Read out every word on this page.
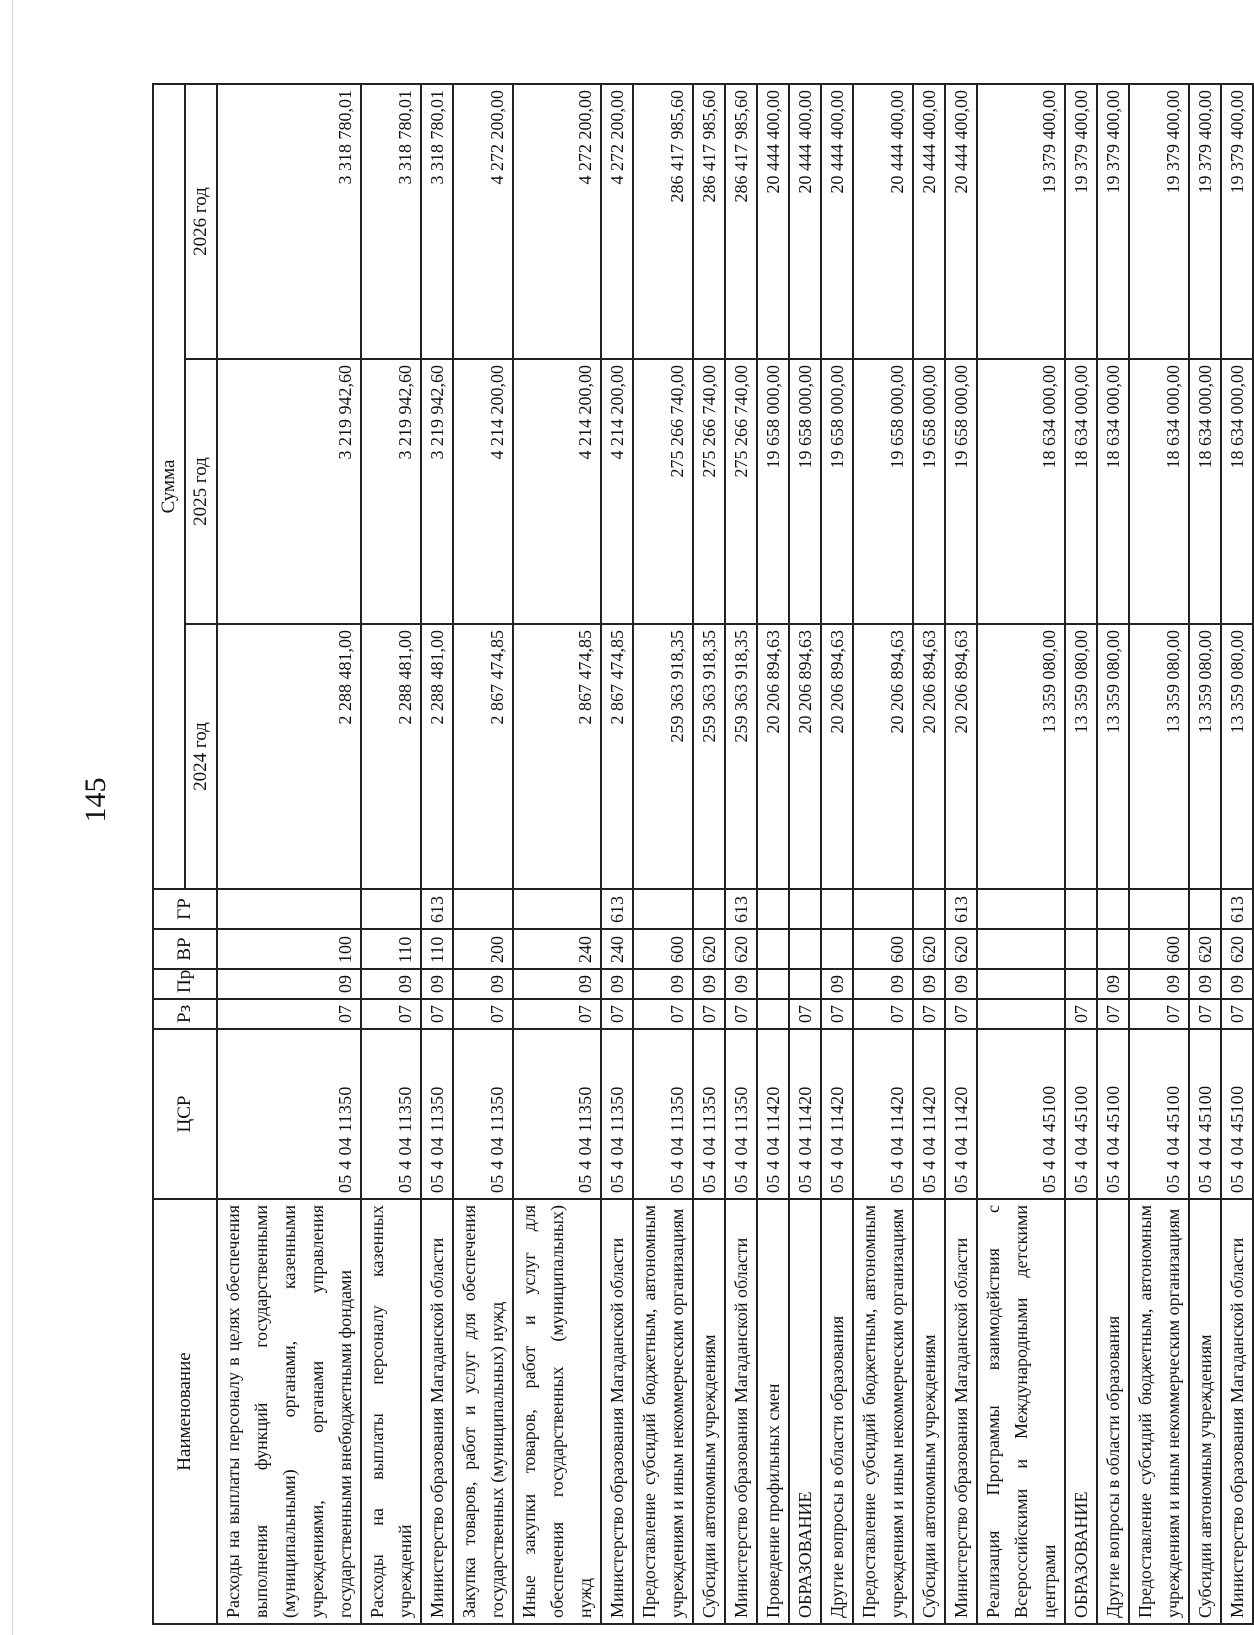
145
Наименование	ЦСР	Рз	Пр	ВР	ГР	Сумма		
						2024 год	2025 год	2026 год
Расходы на выплаты персоналу в целях обеспечения выполнения функций государственными (муниципальными) органами, казенными учреждениями, органами управления государственными внебюджетными фондами	05 4 04 11350	07	09	100		2 288 481,00	3 219 942,60	3 318 780,01
Расходы на выплаты персоналу казенных учреждений	05 4 04 11350	07	09	110		2 288 481,00	3 219 942,60	3 318 780,01
Министерство образования Магаданской области	05 4 04 11350	07	09	110	613	2 288 481,00	3 219 942,60	3 318 780,01
Закупка товаров, работ и услуг для обеспечения государственных (муниципальных) нужд	05 4 04 11350	07	09	200		2 867 474,85	4 214 200,00	4 272 200,00
Иные закупки товаров, работ и услуг для обеспечения государственных (муниципальных) нужд	05 4 04 11350	07	09	240		2 867 474,85	4 214 200,00	4 272 200,00
Министерство образования Магаданской области	05 4 04 11350	07	09	240	613	2 867 474,85	4 214 200,00	4 272 200,00
Предоставление субсидий бюджетным, автономным учреждениям и иным некоммерческим организациям	05 4 04 11350	07	09	600		259 363 918,35	275 266 740,00	286 417 985,60
Субсидии автономным учреждениям	05 4 04 11350	07	09	620		259 363 918,35	275 266 740,00	286 417 985,60
Министерство образования Магаданской области	05 4 04 11350	07	09	620	613	259 363 918,35	275 266 740,00	286 417 985,60
Проведение профильных смен	05 4 04 11420					20 206 894,63	19 658 000,00	20 444 400,00
ОБРАЗОВАНИЕ	05 4 04 11420	07				20 206 894,63	19 658 000,00	20 444 400,00
Другие вопросы в области образования	05 4 04 11420	07	09			20 206 894,63	19 658 000,00	20 444 400,00
Предоставление субсидий бюджетным, автономным учреждениям и иным некоммерческим организациям	05 4 04 11420	07	09	600		20 206 894,63	19 658 000,00	20 444 400,00
Субсидии автономным учреждениям	05 4 04 11420	07	09	620		20 206 894,63	19 658 000,00	20 444 400,00
Министерство образования Магаданской области	05 4 04 11420	07	09	620	613	20 206 894,63	19 658 000,00	20 444 400,00
Реализация Программы взаимодействия с Всероссийскими и Международными детскими центрами	05 4 04 45100					13 359 080,00	18 634 000,00	19 379 400,00
ОБРАЗОВАНИЕ	05 4 04 45100	07				13 359 080,00	18 634 000,00	19 379 400,00
Другие вопросы в области образования	05 4 04 45100	07	09			13 359 080,00	18 634 000,00	19 379 400,00
Предоставление субсидий бюджетным, автономным учреждениям и иным некоммерческим организациям	05 4 04 45100	07	09	600		13 359 080,00	18 634 000,00	19 379 400,00
Субсидии автономным учреждениям	05 4 04 45100	07	09	620		13 359 080,00	18 634 000,00	19 379 400,00
Министерство образования Магаданской области	05 4 04 45100	07	09	620	613	13 359 080,00	18 634 000,00	19 379 400,00
